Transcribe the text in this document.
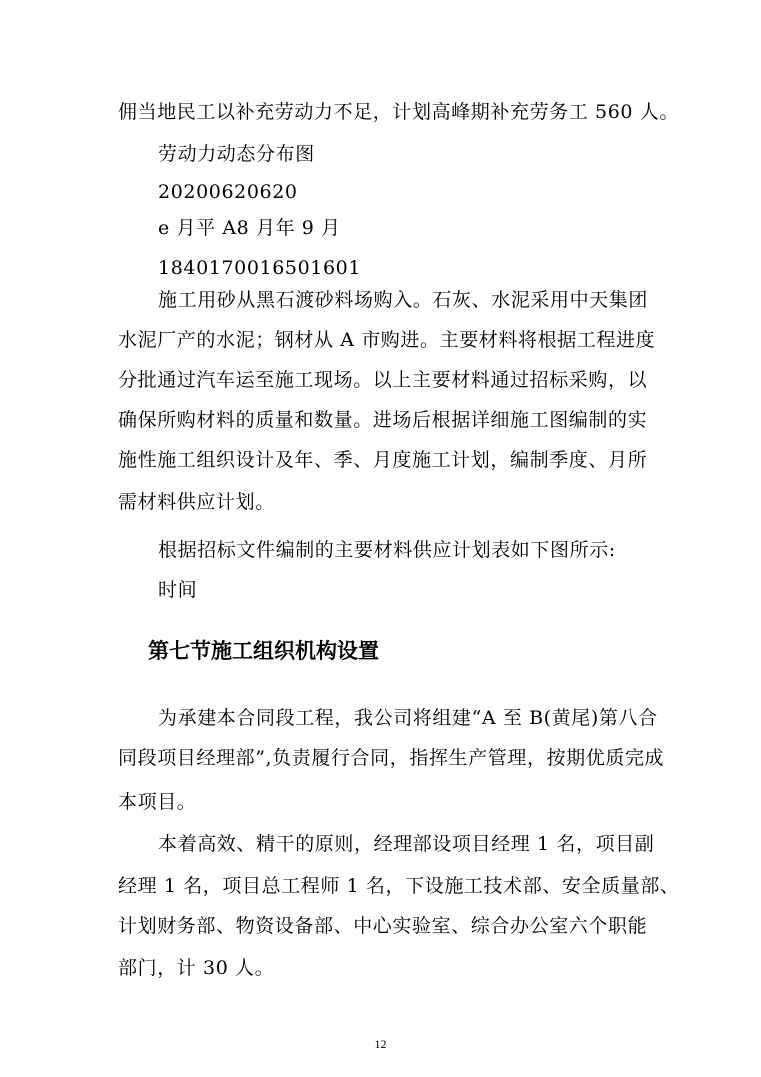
佣当地民工以补充劳动力不足，计划高峰期补充劳务工 560 人。
劳动力动态分布图
20200620620
e 月平 A8 月年 9 月
1840170016501601
施工用砂从黑石渡砂料场购入。石灰、水泥采用中天集团
水泥厂产的水泥；钢材从 A 市购进。主要材料将根据工程进度
分批通过汽车运至施工现场。以上主要材料通过招标采购，以
确保所购材料的质量和数量。进场后根据详细施工图编制的实
施性施工组织设计及年、季、月度施工计划，编制季度、月所
需材料供应计划。
根据招标文件编制的主要材料供应计划表如下图所示:
时间
第七节施工组织机构设置
为承建本合同段工程，我公司将组建“A 至 B(黄尾)第八合
同段项目经理部”,负责履行合同，指挥生产管理，按期优质完成
本项目。
本着高效、精干的原则，经理部设项目经理 1 名，项目副
经理 1 名，项目总工程师 1 名，下设施工技术部、安全质量部、
计划财务部、物资设备部、中心实验室、综合办公室六个职能
部门，计 30 人。
12
